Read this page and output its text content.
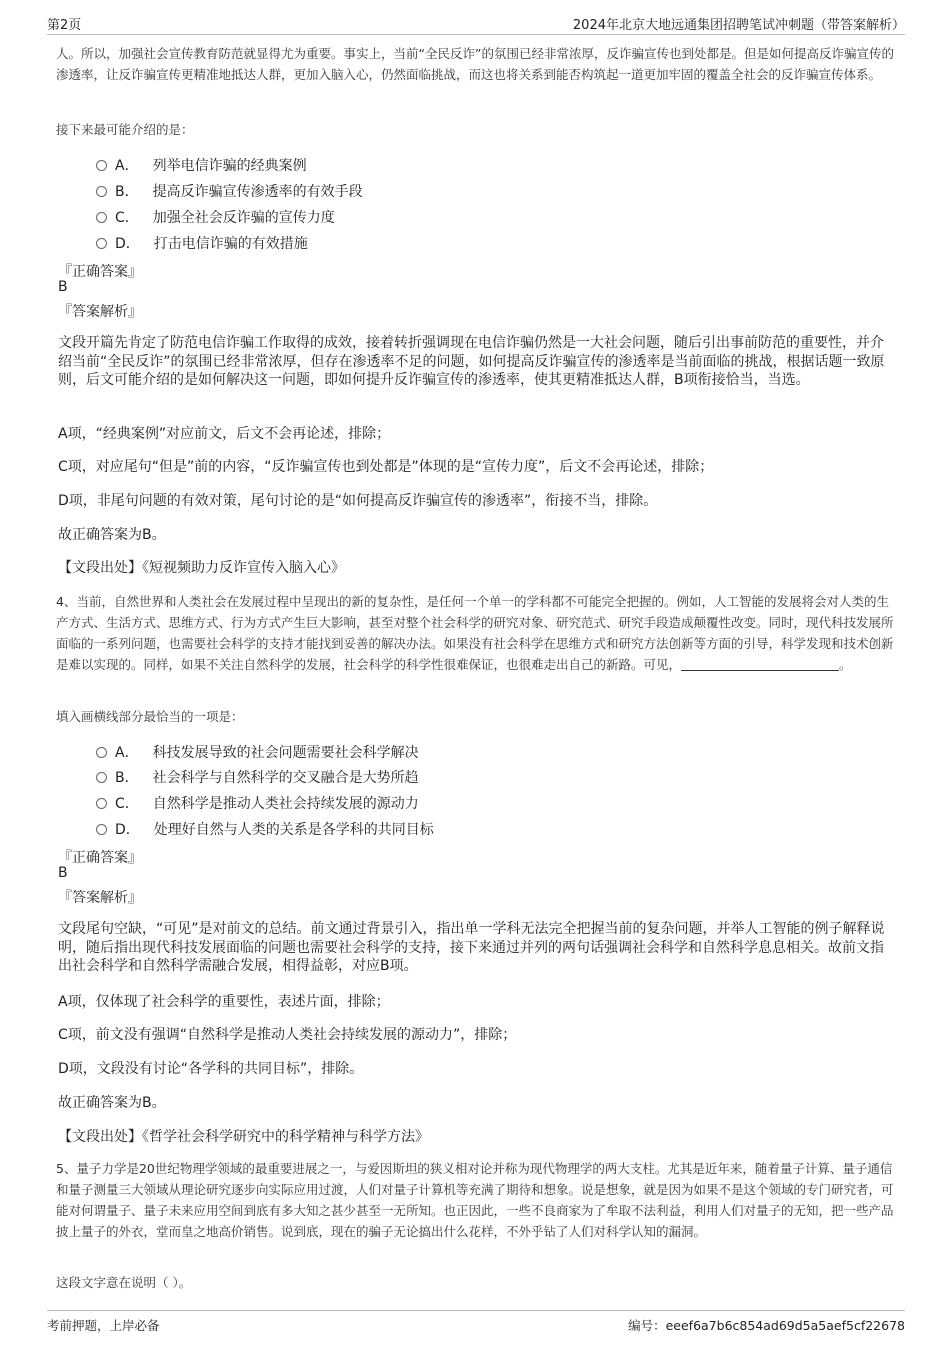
第2页	2024年北京大地远通集团招聘笔试冲刺题（带答案解析）
人。所以，加强社会宣传教育防范就显得尤为重要。事实上，当前“全民反诈”的氛围已经非常浓厚，反诈骗宣传也到处都是。但是如何提高反诈骗宣传的渗透率，让反诈骗宣传更精准地抵达人群，更加入脑入心，仍然面临挑战，而这也将关系到能否构筑起一道更加牢固的覆盖全社会的反诈骗宣传体系。
接下来最可能介绍的是：
A． 列举电信诈骗的经典案例
B． 提高反诈骗宣传渗透率的有效手段
C． 加强全社会反诈骗的宣传力度
D． 打击电信诈骗的有效措施
『正确答案』
B
『答案解析』
文段开篇先肯定了防范电信诈骗工作取得的成效，接着转折强调现在电信诈骗仍然是一大社会问题，随后引出事前防范的重要性，并介绍当前“全民反诈”的氛围已经非常浓厚，但存在渗透率不足的问题，如何提高反诈骗宣传的渗透率是当前面临的挑战，根据话题一致原则，后文可能介绍的是如何解决这一问题，即如何提升反诈骗宣传的渗透率，使其更精准抵达人群，B项衔接恰当，当选。
A项，“经典案例”对应前文，后文不会再论述，排除；
C项，对应尾句“但是”前的内容，“反诈骗宣传也到处都是”体现的是“宣传力度”，后文不会再论述，排除；
D项，非尾句问题的有效对策，尾句讨论的是“如何提高反诈骗宣传的渗透率”，衔接不当，排除。
故正确答案为B。
【文段出处】《短视频助力反诈宣传入脑入心》
4、当前，自然世界和人类社会在发展过程中呈现出的新的复杂性，是任何一个单一的学科都不可能完全把握的。例如，人工智能的发展将会对人类的生产方式、生活方式、思维方式、行为方式产生巨大影响，甚至对整个社会科学的研究对象、研究范式、研究手段造成颠覆性改变。同时，现代科技发展所面临的一系列问题，也需要社会科学的支持才能找到妥善的解决办法。如果没有社会科学在思维方式和研究方法创新等方面的引导，科学发现和技术创新是难以实现的。同样，如果不关注自然科学的发展，社会科学的科学性很难保证，也很难走出自己的新路。可见，	。
填入画横线部分最恰当的一项是：
A． 科技发展导致的社会问题需要社会科学解决
B． 社会科学与自然科学的交叉融合是大势所趋
C． 自然科学是推动人类社会持续发展的源动力
D． 处理好自然与人类的关系是各学科的共同目标
『正确答案』
B
『答案解析』
文段尾句空缺，“可见”是对前文的总结。前文通过背景引入，指出单一学科无法完全把握当前的复杂问题，并举人工智能的例子解释说明，随后指出现代科技发展面临的问题也需要社会科学的支持，接下来通过并列的两句话强调社会科学和自然科学息息相关。故前文指出社会科学和自然科学需融合发展，相得益彰，对应B项。
A项，仅体现了社会科学的重要性，表述片面，排除；
C项，前文没有强调“自然科学是推动人类社会持续发展的源动力”，排除；
D项，文段没有讨论“各学科的共同目标”，排除。
故正确答案为B。
【文段出处】《哲学社会科学研究中的科学精神与科学方法》
5、量子力学是20世纪物理学领域的最重要进展之一，与爱因斯坦的狭义相对论并称为现代物理学的两大支柱。尤其是近年来，随着量子计算、量子通信和量子测量三大领域从理论研究逐步向实际应用过渡，人们对量子计算机等充满了期待和想象。说是想象，就是因为如果不是这个领域的专门研究者，可能对何谓量子、量子未来应用空间到底有多大知之甚少甚至一无所知。也正因此，一些不良商家为了牟取不法利益，利用人们对量子的无知，把一些产品披上量子的外衣，堂而皇之地高价销售。说到底，现在的骗子无论搞出什么花样，不外乎钻了人们对科学认知的漏洞。
这段文字意在说明（ ）。
考前押题，上岸必备	编号：eeef6a7b6c854ad69d5a5aef5cf22678
